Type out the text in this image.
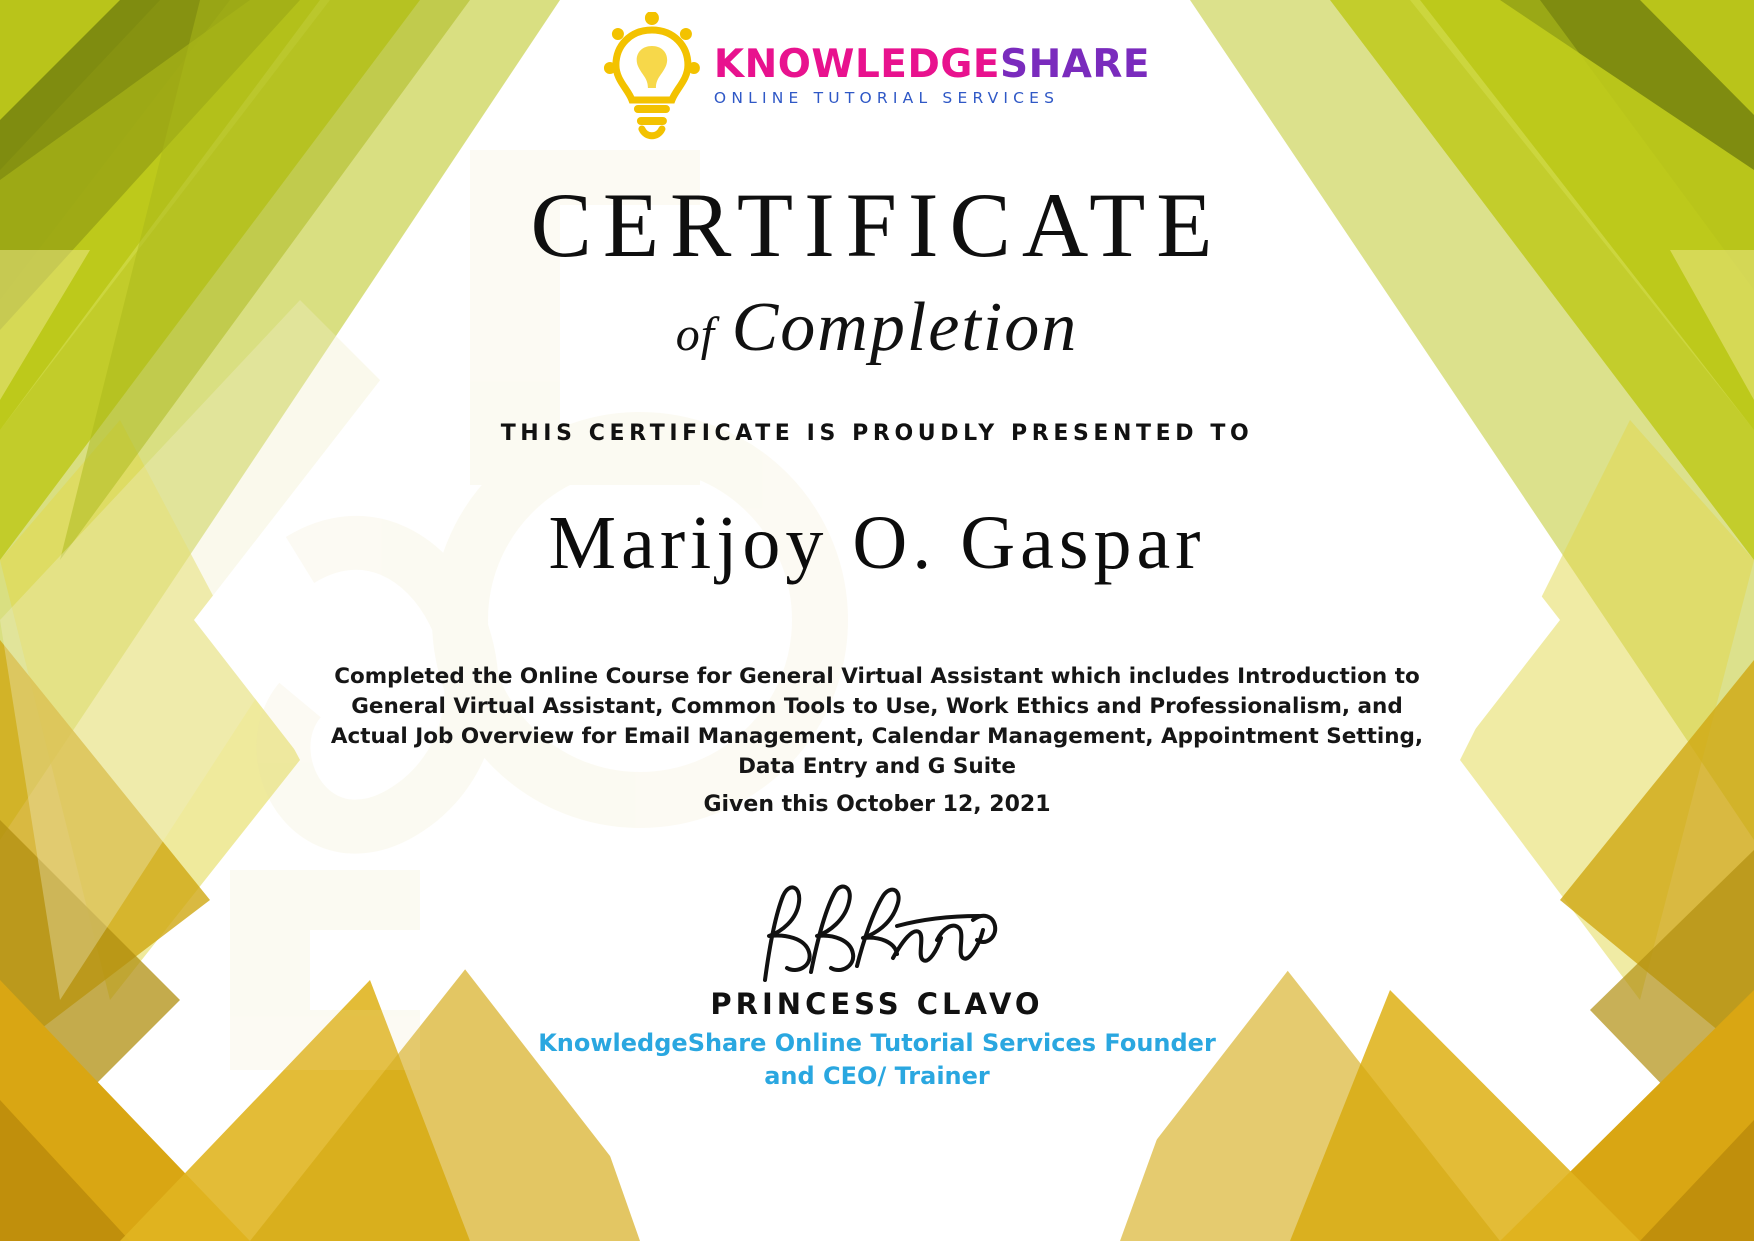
KNOWLEDGESHARE
ONLINE TUTORIAL SERVICES
CERTIFICATE
of Completion
THIS CERTIFICATE IS PROUDLY PRESENTED TO
Marijoy O. Gaspar
Completed the Online Course for General Virtual Assistant which includes Introduction to General Virtual Assistant, Common Tools to Use, Work Ethics and Professionalism, and Actual Job Overview for Email Management, Calendar Management, Appointment Setting, Data Entry and G Suite
Given this October 12, 2021
PRINCESS CLAVO
KnowledgeShare Online Tutorial Services Founder
and CEO/ Trainer
